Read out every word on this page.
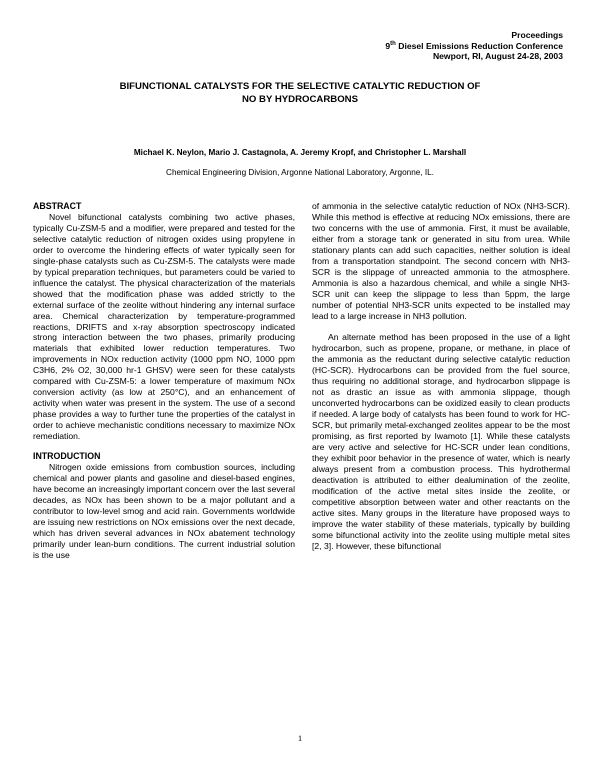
Proceedings
9th Diesel Emissions Reduction Conference
Newport, RI, August 24-28, 2003
BIFUNCTIONAL CATALYSTS FOR THE SELECTIVE CATALYTIC REDUCTION OF
NO BY HYDROCARBONS
Michael K. Neylon, Mario J. Castagnola, A. Jeremy Kropf, and Christopher L. Marshall
Chemical Engineering Division, Argonne National Laboratory, Argonne, IL.
ABSTRACT

Novel bifunctional catalysts combining two active phases, typically Cu-ZSM-5 and a modifier, were prepared and tested for the selective catalytic reduction of nitrogen oxides using propylene in order to overcome the hindering effects of water typically seen for single-phase catalysts such as Cu-ZSM-5. The catalysts were made by typical preparation techniques, but parameters could be varied to influence the catalyst. The physical characterization of the materials showed that the modification phase was added strictly to the external surface of the zeolite without hindering any internal surface area. Chemical characterization by temperature-programmed reactions, DRIFTS and x-ray absorption spectroscopy indicated strong interaction between the two phases, primarily producing materials that exhibited lower reduction temperatures. Two improvements in NOx reduction activity (1000 ppm NO, 1000 ppm C3H6, 2% O2, 30,000 hr-1 GHSV) were seen for these catalysts compared with Cu-ZSM-5: a lower temperature of maximum NOx conversion activity (as low at 250°C), and an enhancement of activity when water was present in the system. The use of a second phase provides a way to further tune the properties of the catalyst in order to achieve mechanistic conditions necessary to maximize NOx remediation.

INTRODUCTION

Nitrogen oxide emissions from combustion sources, including chemical and power plants and gasoline and diesel-based engines, have become an increasingly important concern over the last several decades, as NOx has been shown to be a major pollutant and a contributor to low-level smog and acid rain. Governments worldwide are issuing new restrictions on NOx emissions over the next decade, which has driven several advances in NOx abatement technology primarily under lean-burn conditions. The current industrial solution is the use

of ammonia in the selective catalytic reduction of NOx (NH3-SCR). While this method is effective at reducing NOx emissions, there are two concerns with the use of ammonia. First, it must be available, either from a storage tank or generated in situ from urea. While stationary plants can add such capacities, neither solution is ideal from a transportation standpoint. The second concern with NH3-SCR is the slippage of unreacted ammonia to the atmosphere. Ammonia is also a hazardous chemical, and while a single NH3-SCR unit can keep the slippage to less than 5ppm, the large number of potential NH3-SCR units expected to be installed may lead to a large increase in NH3 pollution.

An alternate method has been proposed in the use of a light hydrocarbon, such as propene, propane, or methane, in place of the ammonia as the reductant during selective catalytic reduction (HC-SCR). Hydrocarbons can be provided from the fuel source, thus requiring no additional storage, and hydrocarbon slippage is not as drastic an issue as with ammonia slippage, though unconverted hydrocarbons can be oxidized easily to clean products if needed. A large body of catalysts has been found to work for HC-SCR, but primarily metal-exchanged zeolites appear to be the most promising, as first reported by Iwamoto [1]. While these catalysts are very active and selective for HC-SCR under lean conditions, they exhibit poor behavior in the presence of water, which is nearly always present from a combustion process. This hydrothermal deactivation is attributed to either dealumination of the zeolite, modification of the active metal sites inside the zeolite, or competitive absorption between water and other reactants on the active sites. Many groups in the literature have proposed ways to improve the water stability of these materials, typically by building some bifunctional activity into the zeolite using multiple metal sites [2, 3]. However, these bifunctional

1
